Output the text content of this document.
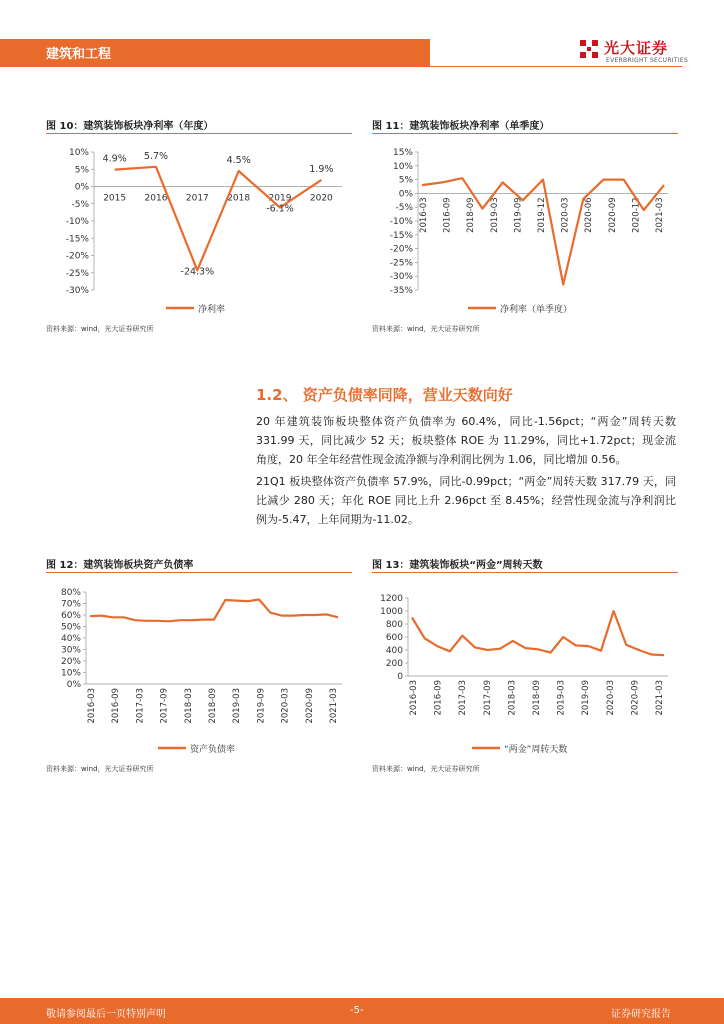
建筑和工程	光大证券
EVERBRIGHT SECURITIES
图 10：建筑装饰板块净利率（年度）
10%
5%
0%
-5%
-10%
-15%
-20%
-25%
-30%
2015 2016 2017 2018 2019 2020
4.9% 5.7%
-24.3%
4.5%
-6.1%
1.9%
净利率
资料来源：wind，光大证券研究所
图 11：建筑装饰板块净利率（单季度）
15%
10%
5%
0%
-5%
-10%
-15%
-20%
-25%
-30%
-35%
2016-03 2016-09 2018-09 2019-03 2019-09 2019-12 2020-03 2020-06 2020-09 2020-12 2021-03
净利率（单季度）
资料来源：wind，光大证券研究所
1.2、 资产负债率同降，营业天数向好

20 年建筑装饰板块整体资产负债率为 60.4%，同比-1.56pct；“两金”周转天数 331.99 天，同比减少 52 天；板块整体 ROE 为 11.29%，同比+1.72pct；现金流角度，20 年全年经营性现金流净额与净利润比例为 1.06，同比增加 0.56。

21Q1 板块整体资产负债率 57.9%，同比-0.99pct；“两金”周转天数 317.79 天，同比减少 280 天；年化 ROE 同比上升 2.96pct 至 8.45%；经营性现金流与净利润比例为-5.47，上年同期为-11.02。

图 12：建筑装饰板块资产负债率
80%
70%
60%
50%
40%
30%
20%
10%
0%
2016-03 2016-09 2017-03 2017-09 2018-03 2018-09 2019-03 2019-09 2020-03 2020-09 2021-03
资产负债率
资料来源：wind，光大证券研究所
图 13：建筑装饰板块“两金”周转天数
1200
1000
800
600
400
200
0
2016-03 2016-09 2017-03 2017-09 2018-03 2018-09 2019-03 2019-09 2020-03 2020-09 2021-03
“两金”周转天数
资料来源：wind，光大证券研究所
敬请参阅最后一页特别声明	-5-	证券研究报告
